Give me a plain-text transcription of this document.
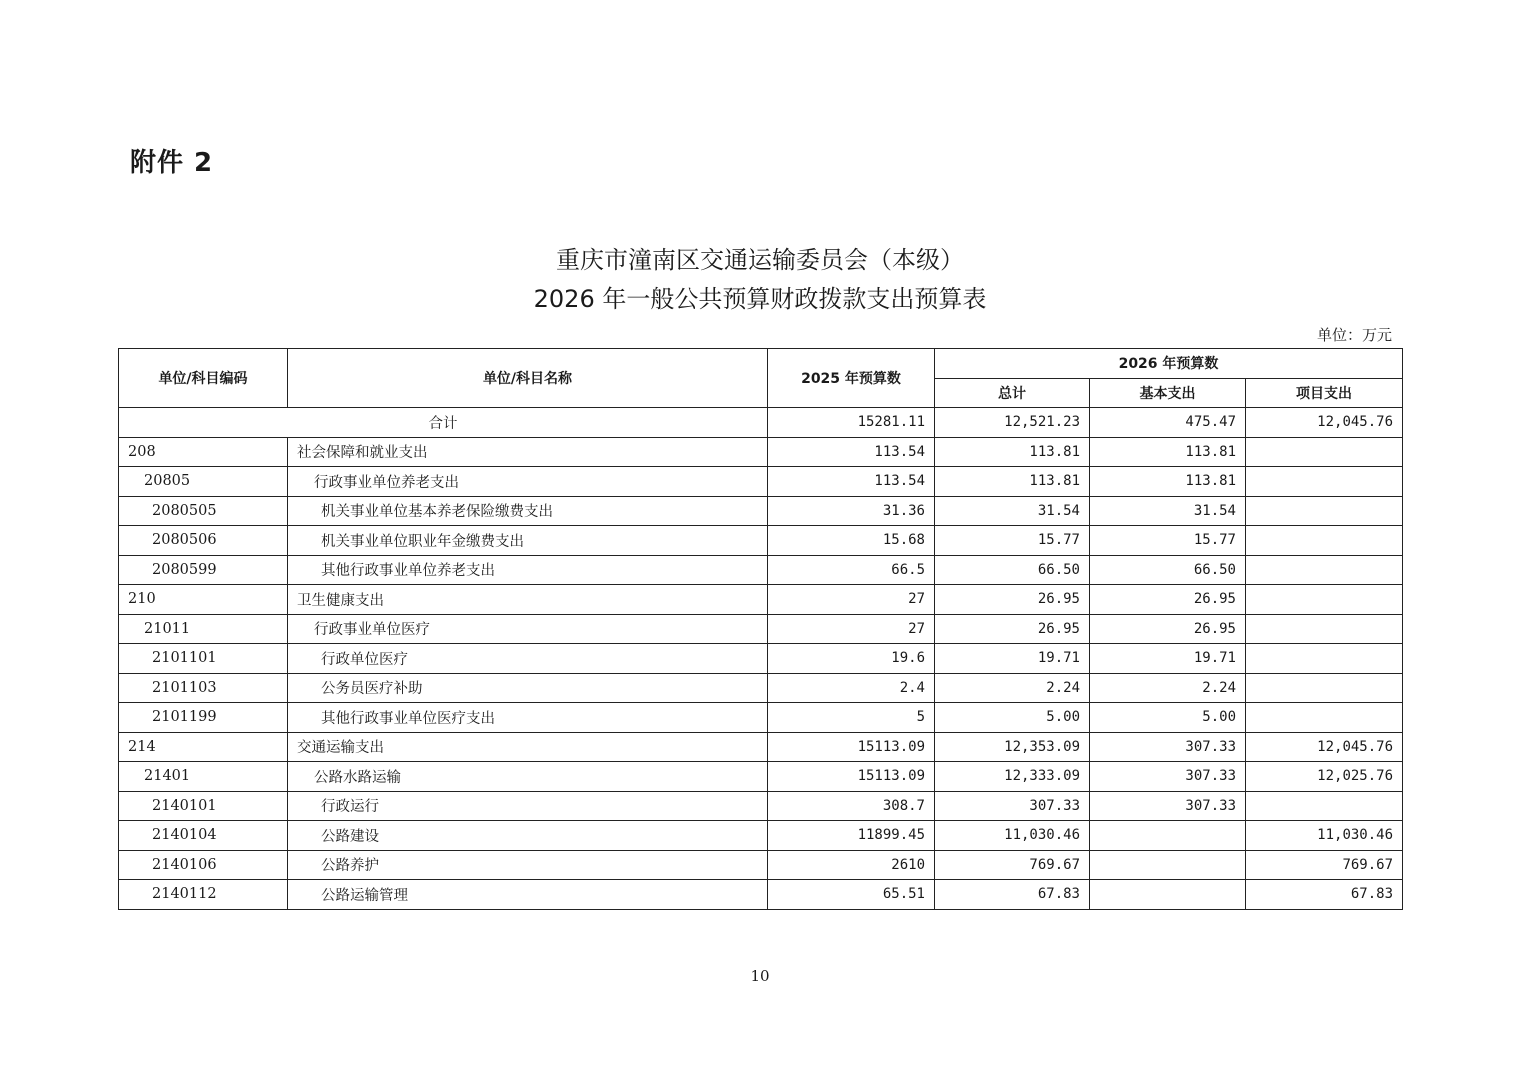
附件 2
重庆市潼南区交通运输委员会（本级）
2026 年一般公共预算财政拨款支出预算表
单位：万元
单位/科目编码	单位/科目名称	2025 年预算数	2026 年预算数		
			总计	基本支出	项目支出
合计		15281.11	12,521.23	475.47	12,045.76
208	社会保障和就业支出	113.54	113.81	113.81	
20805	行政事业单位养老支出	113.54	113.81	113.81	
2080505	机关事业单位基本养老保险缴费支出	31.36	31.54	31.54	
2080506	机关事业单位职业年金缴费支出	15.68	15.77	15.77	
2080599	其他行政事业单位养老支出	66.5	66.50	66.50	
210	卫生健康支出	27	26.95	26.95	
21011	行政事业单位医疗	27	26.95	26.95	
2101101	行政单位医疗	19.6	19.71	19.71	
2101103	公务员医疗补助	2.4	2.24	2.24	
2101199	其他行政事业单位医疗支出	5	5.00	5.00	
214	交通运输支出	15113.09	12,353.09	307.33	12,045.76
21401	公路水路运输	15113.09	12,333.09	307.33	12,025.76
2140101	行政运行	308.7	307.33	307.33	
2140104	公路建设	11899.45	11,030.46		11,030.46
2140106	公路养护	2610	769.67		769.67
2140112	公路运输管理	65.51	67.83		67.83
10
